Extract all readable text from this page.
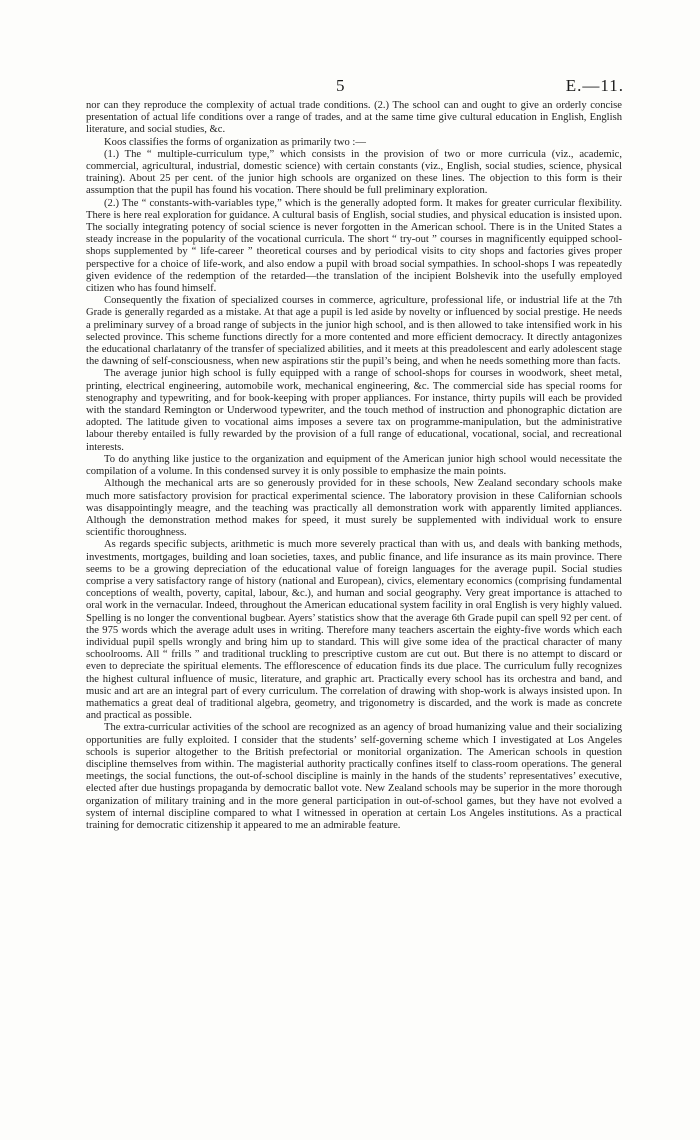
5	E.—11.

nor can they reproduce the complexity of actual trade conditions. (2.) The school can and ought to give an orderly concise presentation of actual life conditions over a range of trades, and at the same time give cultural education in English, English literature, and social studies, &c.

Koos classifies the forms of organization as primarily two :—

(1.) The “ multiple-curriculum type,” which consists in the provision of two or more curricula (viz., academic, commercial, agricultural, industrial, domestic science) with certain constants (viz., English, social studies, science, physical training). About 25 per cent. of the junior high schools are organized on these lines. The objection to this form is their assumption that the pupil has found his vocation. There should be full preliminary exploration.

(2.) The “ constants-with-variables type,” which is the generally adopted form. It makes for greater curricular flexibility. There is here real exploration for guidance. A cultural basis of English, social studies, and physical education is insisted upon. The socially integrating potency of social science is never forgotten in the American school. There is in the United States a steady increase in the popularity of the vocational curricula. The short “ try-out ” courses in magnificently equipped school-shops supplemented by “ life-career ” theoretical courses and by periodical visits to city shops and factories gives proper perspective for a choice of life-work, and also endow a pupil with broad social sympathies. In school-shops I was repeatedly given evidence of the redemption of the retarded—the translation of the incipient Bolshevik into the usefully employed citizen who has found himself.

Consequently the fixation of specialized courses in commerce, agriculture, professional life, or industrial life at the 7th Grade is generally regarded as a mistake. At that age a pupil is led aside by novelty or influenced by social prestige. He needs a preliminary survey of a broad range of subjects in the junior high school, and is then allowed to take intensified work in his selected province. This scheme functions directly for a more contented and more efficient democracy. It directly antagonizes the educational charlatanry of the transfer of specialized abilities, and it meets at this preadolescent and early adolescent stage the dawning of self-consciousness, when new aspirations stir the pupil’s being, and when he needs something more than facts.

The average junior high school is fully equipped with a range of school-shops for courses in woodwork, sheet metal, printing, electrical engineering, automobile work, mechanical engineering, &c. The commercial side has special rooms for stenography and typewriting, and for book-keeping with proper appliances. For instance, thirty pupils will each be provided with the standard Remington or Underwood typewriter, and the touch method of instruction and phonographic dictation are adopted. The latitude given to vocational aims imposes a severe tax on programme-manipulation, but the administrative labour thereby entailed is fully rewarded by the provision of a full range of educational, vocational, social, and recreational interests.

To do anything like justice to the organization and equipment of the American junior high school would necessitate the compilation of a volume. In this condensed survey it is only possible to emphasize the main points.

Although the mechanical arts are so generously provided for in these schools, New Zealand secondary schools make much more satisfactory provision for practical experimental science. The laboratory provision in these Californian schools was disappointingly meagre, and the teaching was practically all demonstration work with apparently limited appliances. Although the demonstration method makes for speed, it must surely be supplemented with individual work to ensure scientific thoroughness.

As regards specific subjects, arithmetic is much more severely practical than with us, and deals with banking methods, investments, mortgages, building and loan societies, taxes, and public finance, and life insurance as its main province. There seems to be a growing depreciation of the educational value of foreign languages for the average pupil. Social studies comprise a very satisfactory range of history (national and European), civics, elementary economics (comprising fundamental conceptions of wealth, poverty, capital, labour, &c.), and human and social geography. Very great importance is attached to oral work in the vernacular. Indeed, throughout the American educational system facility in oral English is very highly valued. Spelling is no longer the conventional bugbear. Ayers’ statistics show that the average 6th Grade pupil can spell 92 per cent. of the 975 words which the average adult uses in writing. Therefore many teachers ascertain the eighty-five words which each individual pupil spells wrongly and bring him up to standard. This will give some idea of the practical character of many schoolrooms. All “ frills ” and traditional truckling to prescriptive custom are cut out. But there is no attempt to discard or even to depreciate the spiritual elements. The efflorescence of education finds its due place. The curriculum fully recognizes the highest cultural influence of music, literature, and graphic art. Practically every school has its orchestra and band, and music and art are an integral part of every curriculum. The correlation of drawing with shop-work is always insisted upon. In mathematics a great deal of traditional algebra, geometry, and trigonometry is discarded, and the work is made as concrete and practical as possible.

The extra-curricular activities of the school are recognized as an agency of broad humanizing value and their socializing opportunities are fully exploited. I consider that the students’ self-governing scheme which I investigated at Los Angeles schools is superior altogether to the British prefectorial or monitorial organization. The American schools in question discipline themselves from within. The magisterial authority practically confines itself to class-room operations. The general meetings, the social functions, the out-of-school discipline is mainly in the hands of the students’ representatives’ executive, elected after due hustings propaganda by democratic ballot vote. New Zealand schools may be superior in the more thorough organization of military training and in the more general participation in out-of-school games, but they have not evolved a system of internal discipline compared to what I witnessed in operation at certain Los Angeles institutions. As a practical training for democratic citizenship it appeared to me an admirable feature.
